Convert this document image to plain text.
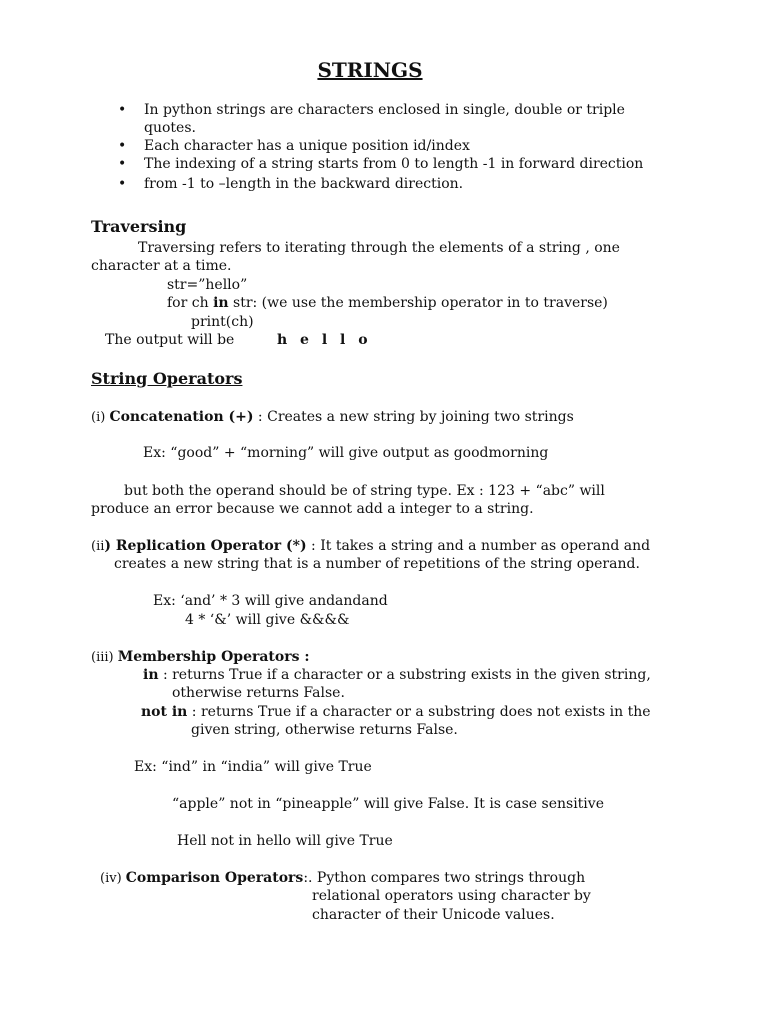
STRINGS
• In python strings are characters enclosed in single, double or triple quotes.
• Each character has a unique position id/index
• The indexing of a string starts from 0 to length -1 in forward direction
• from -1 to –length in the backward direction.
Traversing
Traversing refers to iterating through the elements of a string , one
character at a time.
str=”hello”
for ch in str: (we use the membership operator in to traverse)
print(ch)
The output will be	h e l l o
String Operators
(i) Concatenation (+) : Creates a new string by joining two strings
Ex: “good” + “morning” will give output as goodmorning
but both the operand should be of string type. Ex : 123 + “abc” will
produce an error because we cannot add a integer to a string.
(ii) Replication Operator (*) : It takes a string and a number as operand and
creates a new string that is a number of repetitions of the string operand.
Ex: ‘and’ * 3 will give andandand
4 * ‘&’ will give &&&&
(iii) Membership Operators :
in : returns True if a character or a substring exists in the given string,
otherwise returns False.
not in : returns True if a character or a substring does not exists in the
given string, otherwise returns False.
Ex: “ind” in “india” will give True
“apple” not in “pineapple” will give False. It is case sensitive
Hell not in hello will give True
(iv) Comparison Operators:. Python compares two strings through
relational operators using character by
character of their Unicode values.
